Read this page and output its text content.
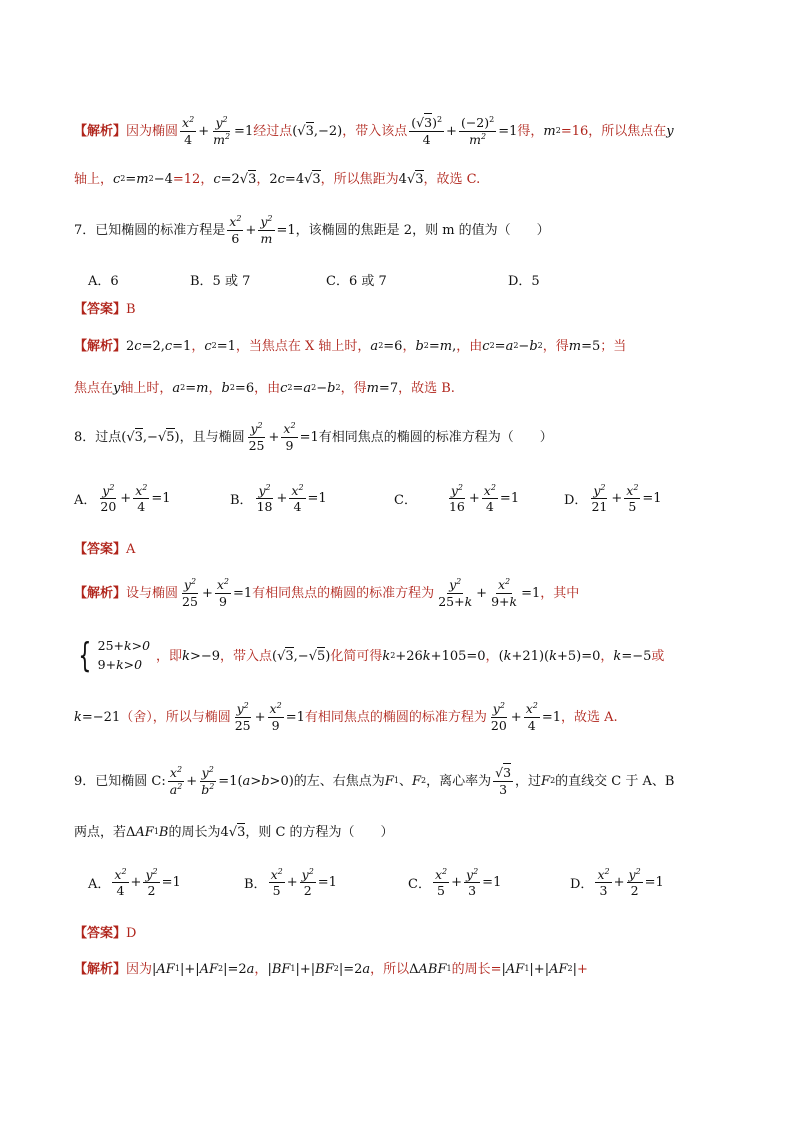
【解析】 因为椭圆 $\frac{x^2}{4} + \frac{y^2}{m^2} =1$ 经过点 (√3,−2) ，带入该点 $\frac{(√3)^2}{4} + \frac{(-2)^2}{m^2} =1$ 得， m 2 =16，所以焦点在 y
轴上， c 2 = m 2 −4 =12， c =2√3 ， 2 c =4√3 ，所以焦距为 4√3 ，故选 C.
7．已知椭圆的标准方程是 $\frac{x^2}{6} + \frac{y^2}{m} =1$ ，该椭圆的焦距是 2，则 m 的值为（　　）
A．6	B．5 或 7	C．6 或 7	D．5
【答案】 B
【解析】 2 c =2, c =1 ， c 2 =1 ，当焦点在 X 轴上时， a 2 =6 ， b 2 = m , ，由 c 2 = a 2 − b 2 ，得 m =5 ；当
焦点在 y 轴上时， a 2 = m ， b 2 =6 ，由 c 2 = a 2 − b 2 ，得 m =7 ，故选 B.
8．过点 (√3,−√5) ，且与椭圆 $\frac{y^2}{25} + \frac{x^2}{9} =1$ 有相同焦点的椭圆的标准方程为（　　）
A． $\frac{y^2}{20} + \frac{x^2}{4} =1$	B． $\frac{y^2}{18} + \frac{x^2}{4} =1$	C． $\frac{y^2}{16} + \frac{x^2}{4} =1$	D． $\frac{y^2}{21} + \frac{x^2}{5} =1$
【答案】 A
【解析】 设与椭圆 $\frac{y^2}{25} + \frac{x^2}{9} =1$ 有相同焦点的椭圆的标准方程为 $\frac{y^2}{25+k} + \frac{x^2}{9+k} =1$ ，其中
{ 25+k>0
9+k>0
，即 k >−9 ，带入点 (√3,−√5) 化简可得 k 2 +26 k +105=0 ， ( k +21)( k +5)=0 ， k =−5 或
k =−21 （舍），所以与椭圆 $\frac{y^2}{25} + \frac{x^2}{9} =1$ 有相同焦点的椭圆的标准方程为 $\frac{y^2}{20} + \frac{x^2}{4} =1$ ，故选 A.
9．已知椭圆 C: $\frac{x^2}{a^2} + \frac{y^2}{b^2} =1$( a > b >0) 的左、右焦点为 F 1 、 F 2 ，离心率为 $\frac{√3}{3}$ ，过 F 2 的直线交 C 于 A、B
两点，若 Δ AF 1 B 的周长为 4√3 ，则 C 的方程为（　　）
A． $\frac{x^2}{4} + \frac{y^2}{2} =1$	B． $\frac{x^2}{5} + \frac{y^2}{2} =1$	C． $\frac{x^2}{5} + \frac{y^2}{3} =1$	D． $\frac{x^2}{3} + \frac{y^2}{2} =1$
【答案】 D
【解析】 因为 | AF 1 |+| AF 2 |=2 a ， | BF 1 |+| BF 2 |=2 a ，所以 Δ ABF 1 的周长= | AF 1 |+| AF 2 | +
